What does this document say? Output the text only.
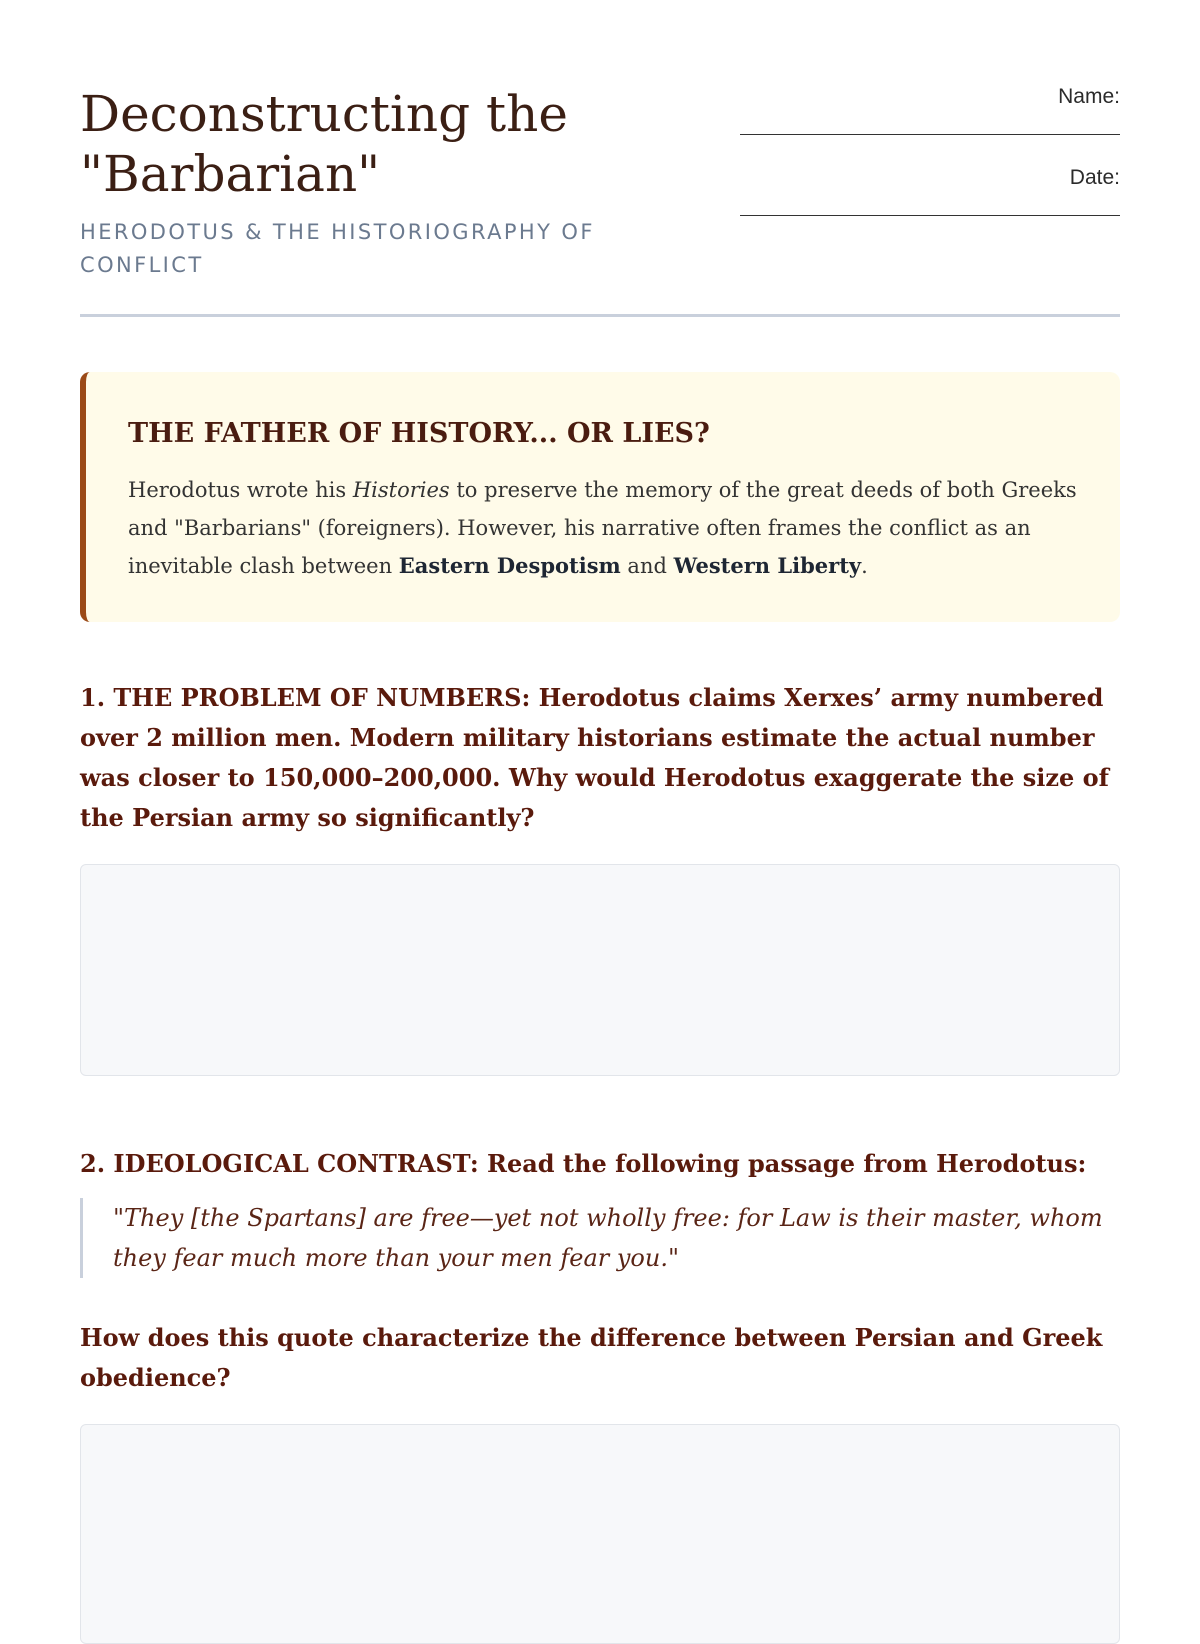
Deconstructing the "Barbarian"

HERODOTUS & THE HISTORIOGRAPHY OF CONFLICT

Name:
Date:
THE FATHER OF HISTORY... OR LIES?

Herodotus wrote his Histories to preserve the memory of the great deeds of both Greeks and "Barbarians" (foreigners). However, his narrative often frames the conflict as an inevitable clash between Eastern Despotism and Western Liberty.

1. THE PROBLEM OF NUMBERS: Herodotus claims Xerxes’ army numbered over 2 million men. Modern military historians estimate the actual number was closer to 150,000–200,000. Why would Herodotus exaggerate the size of the Persian army so significantly?

2. IDEOLOGICAL CONTRAST: Read the following passage from Herodotus:

"They [the Spartans] are free—yet not wholly free: for Law is their master, whom they fear much more than your men fear you."

How does this quote characterize the difference between Persian and Greek obedience?
